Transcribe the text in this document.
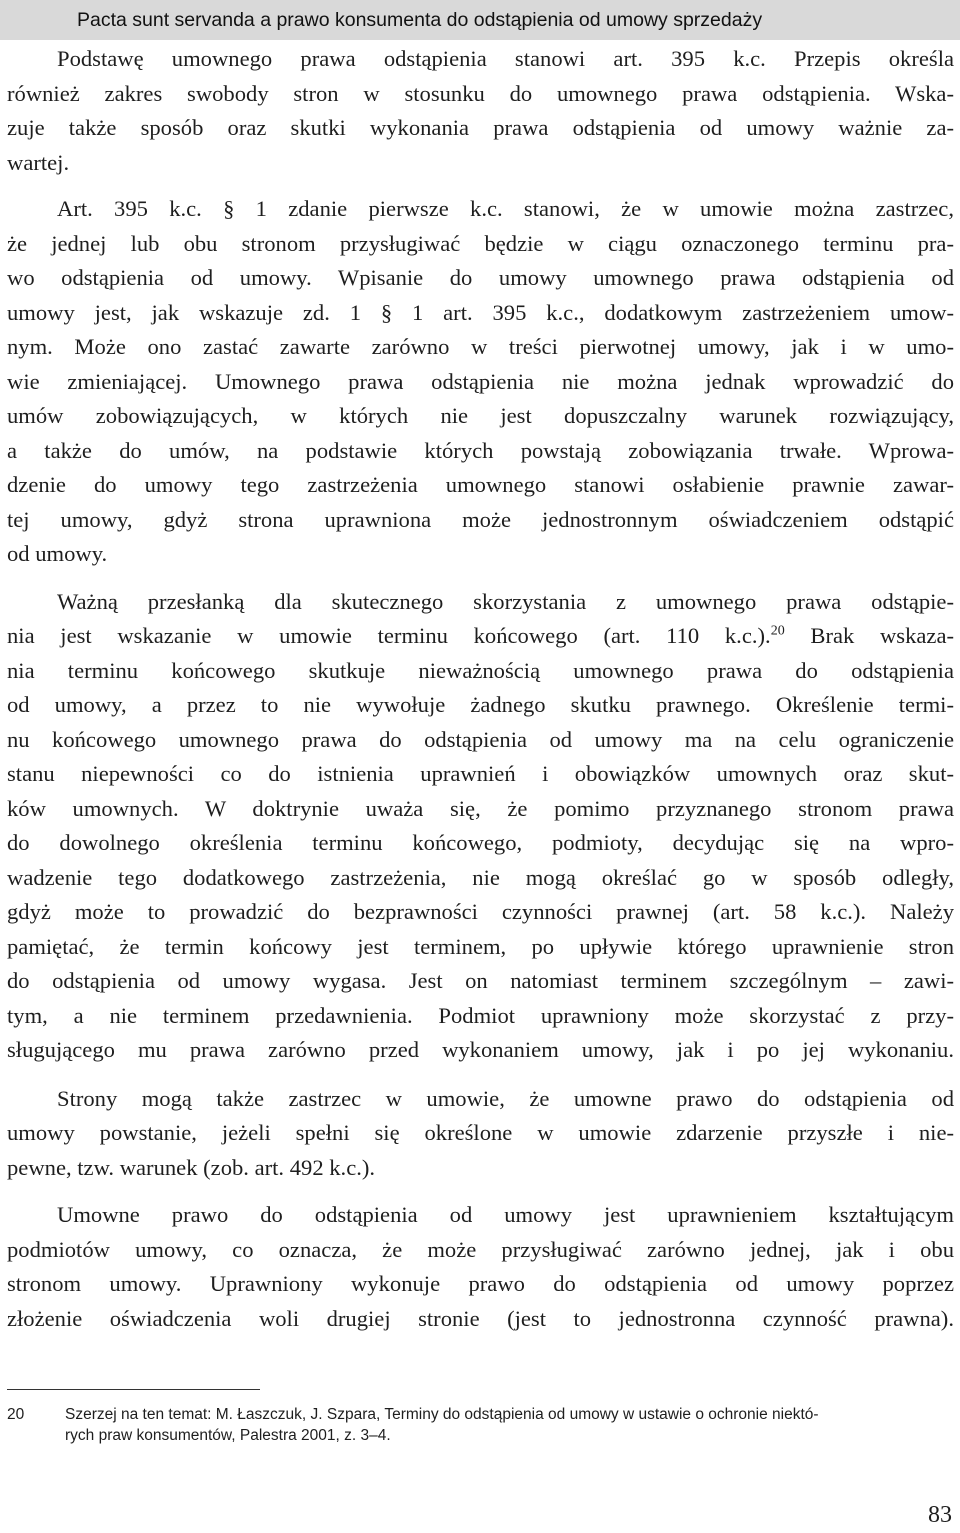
Pacta sunt servanda a prawo konsumenta do odstąpienia od umowy sprzedaży
Podstawę umownego prawa odstąpienia stanowi art. 395 k.c. Przepis określa
również zakres swobody stron w stosunku do umownego prawa odstąpienia. Wska-
zuje także sposób oraz skutki wykonania prawa odstąpienia od umowy ważnie za-
wartej.
Art. 395 k.c. § 1 zdanie pierwsze k.c. stanowi, że w umowie można zastrzec,
że jednej lub obu stronom przysługiwać będzie w ciągu oznaczonego terminu pra-
wo odstąpienia od umowy. Wpisanie do umowy umownego prawa odstąpienia od
umowy jest, jak wskazuje zd. 1 § 1 art. 395 k.c., dodatkowym zastrzeżeniem umow-
nym. Może ono zastać zawarte zarówno w treści pierwotnej umowy, jak i w umo-
wie zmieniającej. Umownego prawa odstąpienia nie można jednak wprowadzić do
umów zobowiązujących, w których nie jest dopuszczalny warunek rozwiązujący,
a także do umów, na podstawie których powstają zobowiązania trwałe. Wprowa-
dzenie do umowy tego zastrzeżenia umownego stanowi osłabienie prawnie zawar-
tej umowy, gdyż strona uprawniona może jednostronnym oświadczeniem odstąpić
od umowy.
Ważną przesłanką dla skutecznego skorzystania z umownego prawa odstąpie-
nia jest wskazanie w umowie terminu końcowego (art. 110 k.c.).$^{20}$ Brak wskaza-
nia terminu końcowego skutkuje nieważnością umownego prawa do odstąpienia
od umowy, a przez to nie wywołuje żadnego skutku prawnego. Określenie termi-
nu końcowego umownego prawa do odstąpienia od umowy ma na celu ograniczenie
stanu niepewności co do istnienia uprawnień i obowiązków umownych oraz skut-
ków umownych. W doktrynie uważa się, że pomimo przyznanego stronom prawa
do dowolnego określenia terminu końcowego, podmioty, decydując się na wpro-
wadzenie tego dodatkowego zastrzeżenia, nie mogą określać go w sposób odległy,
gdyż może to prowadzić do bezprawności czynności prawnej (art. 58 k.c.). Należy
pamiętać, że termin końcowy jest terminem, po upływie którego uprawnienie stron
do odstąpienia od umowy wygasa. Jest on natomiast terminem szczególnym – zawi-
tym, a nie terminem przedawnienia. Podmiot uprawniony może skorzystać z przy-
sługującego mu prawa zarówno przed wykonaniem umowy, jak i po jej wykonaniu.
Strony mogą także zastrzec w umowie, że umowne prawo do odstąpienia od
umowy powstanie, jeżeli spełni się określone w umowie zdarzenie przyszłe i nie-
pewne, tzw. warunek (zob. art. 492 k.c.).
Umowne prawo do odstąpienia od umowy jest uprawnieniem kształtującym
podmiotów umowy, co oznacza, że może przysługiwać zarówno jednej, jak i obu
stronom umowy. Uprawniony wykonuje prawo do odstąpienia od umowy poprzez
złożenie oświadczenia woli drugiej stronie (jest to jednostronna czynność prawna).
20	Szerzej na ten temat: M. Łaszczuk, J. Szpara, Terminy do odstąpienia od umowy w ustawie o ochronie niektó-
rych praw konsumentów, Palestra 2001, z. 3–4.
83
